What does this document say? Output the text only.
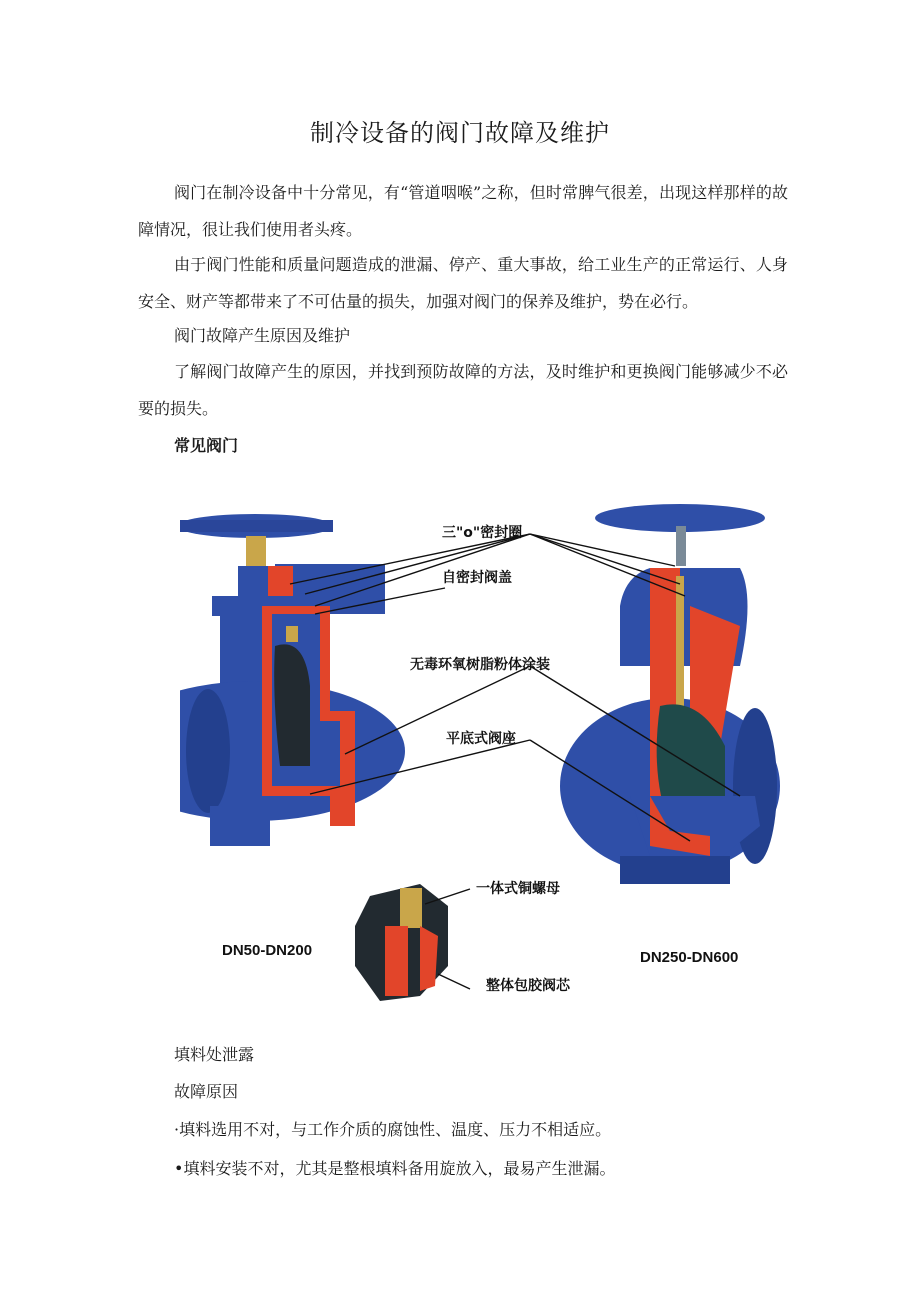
制冷设备的阀门故障及维护
阀门在制冷设备中十分常见，有“管道咽喉”之称，但时常脾气很差，出现这样那样的故障情况，很让我们使用者头疼。
由于阀门性能和质量问题造成的泄漏、停产、重大事故，给工业生产的正常运行、人身安全、财产等都带来了不可估量的损失，加强对阀门的保养及维护，势在必行。
阀门故障产生原因及维护
了解阀门故障产生的原因，并找到预防故障的方法，及时维护和更换阀门能够减少不必要的损失。
常见阀门
三"o"密封圈
自密封阀盖
无毒环氧树脂粉体涂装
平底式阀座
一体式铜螺母
整体包胶阀芯
DN50-DN200	DN250-DN600
填料处泄露
故障原因
·填料选用不对，与工作介质的腐蚀性、温度、压力不相适应。
•填料安装不对，尤其是整根填料备用旋放入，最易产生泄漏。
